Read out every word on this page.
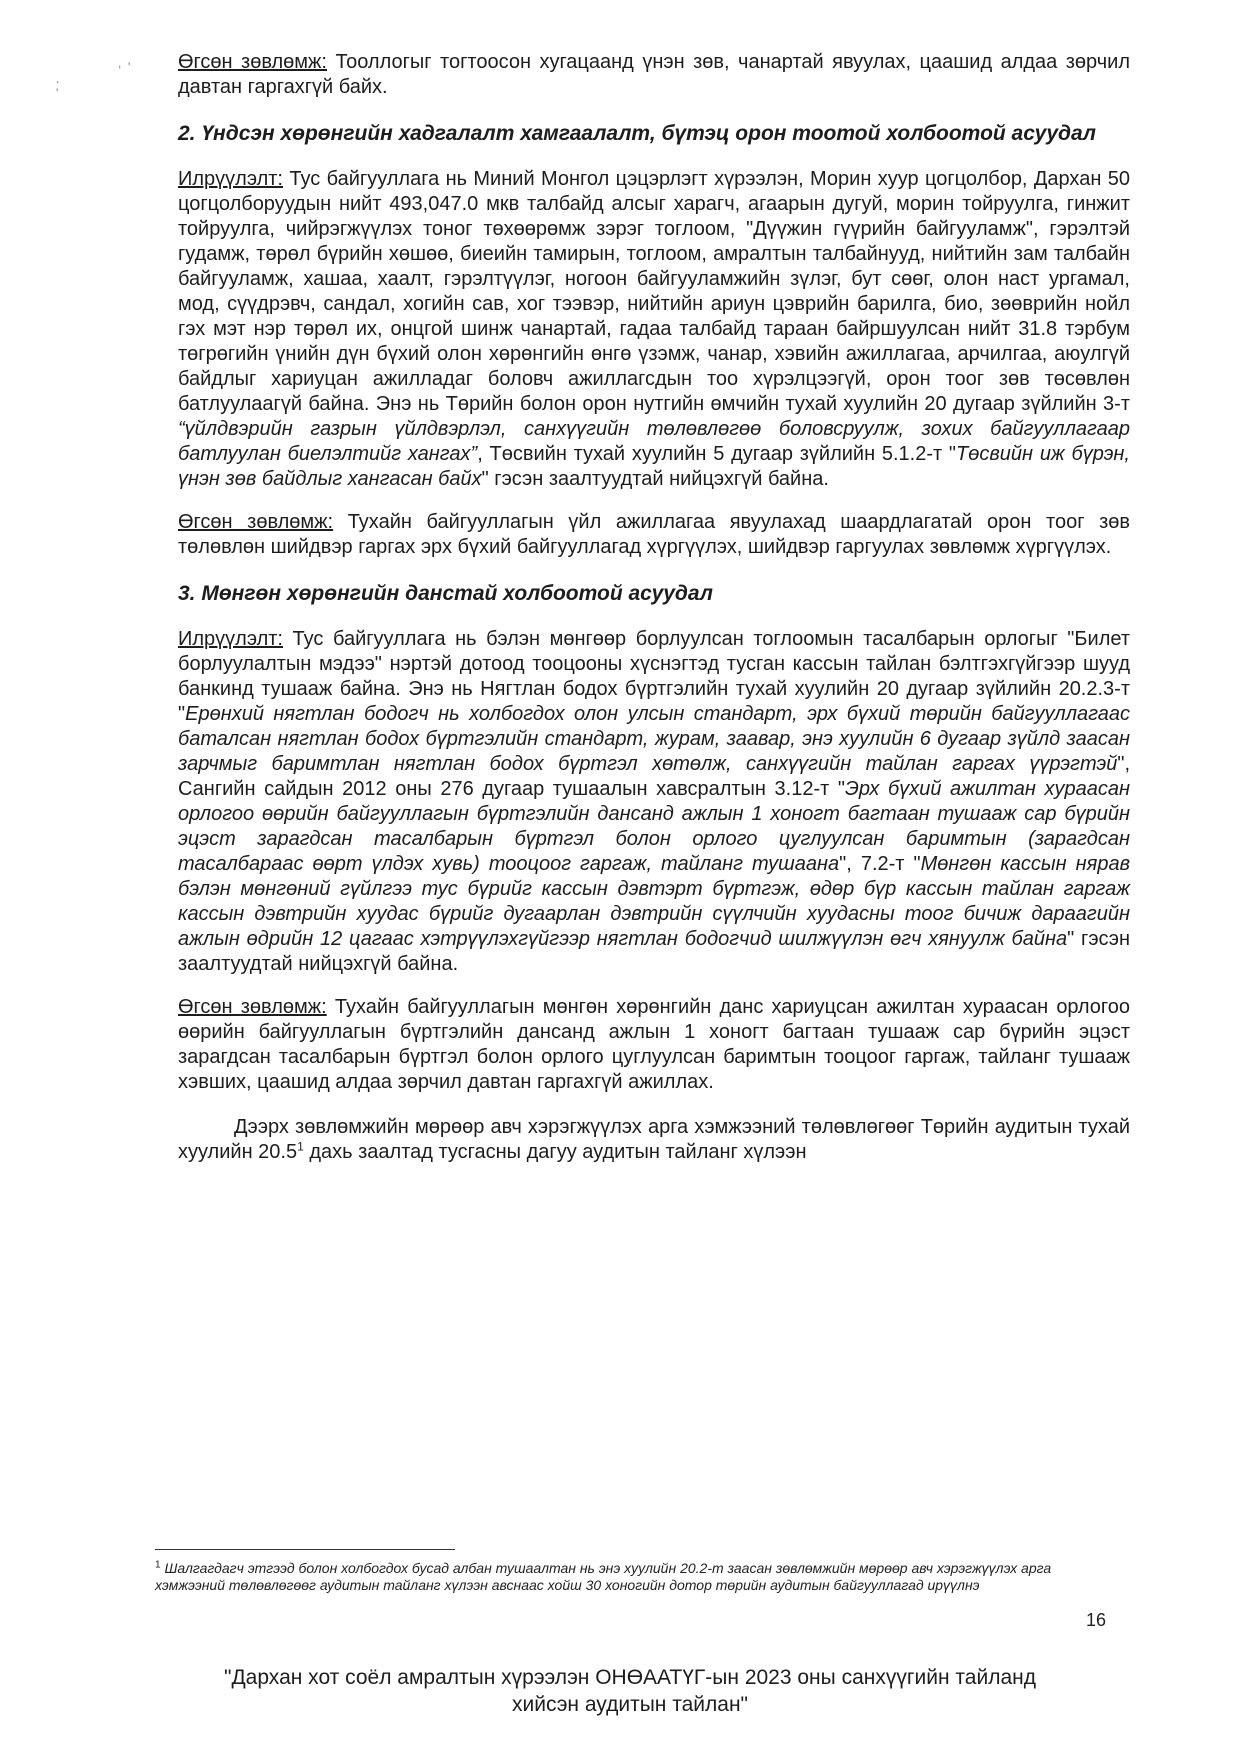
, '
.
'

Өгсөн зөвлөмж: Тооллогыг тогтоосон хугацаанд үнэн зөв, чанартай явуулах, цаашид алдаа зөрчил давтан гаргахгүй байх.

2. Үндсэн хөрөнгийн хадгалалт хамгаалалт, бүтэц орон тоотой холбоотой асуудал

Илрүүлэлт: Тус байгууллага нь Миний Монгол цэцэрлэгт хүрээлэн, Морин хуур цогцолбор, Дархан 50 цогцолборуудын нийт 493,047.0 мкв талбайд алсыг харагч, агаарын дугуй, морин тойруулга, гинжит тойруулга, чийрэгжүүлэх тоног төхөөрөмж зэрэг тоглоом, "Дүүжин гүүрийн байгууламж", гэрэлтэй гудамж, төрөл бүрийн хөшөө, биеийн тамирын, тоглоом, амралтын талбайнууд, нийтийн зам талбайн байгууламж, хашаа, хаалт, гэрэлтүүлэг, ногоон байгууламжийн зүлэг, бут сөөг, олон наст ургамал, мод, сүүдрэвч, сандал, хогийн сав, хог тээвэр, нийтийн ариун цэврийн барилга, био, зөөврийн нойл гэх мэт нэр төрөл их, онцгой шинж чанартай, гадаа талбайд тараан байршуулсан нийт 31.8 тэрбум төгрөгийн үнийн дүн бүхий олон хөрөнгийн өнгө үзэмж, чанар, хэвийн ажиллагаа, арчилгаа, аюулгүй байдлыг хариуцан ажилладаг боловч ажиллагсдын тоо хүрэлцээгүй, орон тоог зөв төсөвлөн батлуулаагүй байна. Энэ нь Төрийн болон орон нутгийн өмчийн тухай хуулийн 20 дугаар зүйлийн 3-т “үйлдвэрийн газрын үйлдвэрлэл, санхүүгийн төлөвлөгөө боловсруулж, зохих байгууллагаар батлуулан биелэлтийг хангах”, Төсвийн тухай хуулийн 5 дугаар зүйлийн 5.1.2-т "Төсвийн иж бүрэн, үнэн зөв байдлыг хангасан байх" гэсэн заалтуудтай нийцэхгүй байна.

Өгсөн зөвлөмж: Тухайн байгууллагын үйл ажиллагаа явуулахад шаардлагатай орон тоог зөв төлөвлөн шийдвэр гаргах эрх бүхий байгууллагад хүргүүлэх, шийдвэр гаргуулах зөвлөмж хүргүүлэх.

3. Мөнгөн хөрөнгийн данстай холбоотой асуудал

Илрүүлэлт: Тус байгууллага нь бэлэн мөнгөөр борлуулсан тоглоомын тасалбарын орлогыг "Билет борлуулалтын мэдээ" нэртэй дотоод тооцооны хүснэгтэд тусган кассын тайлан бэлтгэхгүйгээр шууд банкинд тушааж байна. Энэ нь Нягтлан бодох бүртгэлийн тухай хуулийн 20 дугаар зүйлийн 20.2.3-т "Ерөнхий нягтлан бодогч нь холбогдох олон улсын стандарт, эрх бүхий төрийн байгууллагаас баталсан нягтлан бодох бүртгэлийн стандарт, журам, заавар, энэ хуулийн 6 дугаар зүйлд заасан зарчмыг баримтлан нягтлан бодох бүртгэл хөтөлж, санхүүгийн тайлан гаргах үүрэгтэй", Сангийн сайдын 2012 оны 276 дугаар тушаалын хавсралтын 3.12-т "Эрх бүхий ажилтан хураасан орлогоо өөрийн байгууллагын бүртгэлийн дансанд ажлын 1 хоногт багтаан тушааж сар бүрийн эцэст зарагдсан тасалбарын бүртгэл болон орлого цуглуулсан баримтын (зарагдсан тасалбараас өөрт үлдэх хувь) тооцоог гаргаж, тайланг тушаана", 7.2-т "Мөнгөн кассын нярав бэлэн мөнгөний гүйлгээ тус бүрийг кассын дэвтэрт бүртгэж, өдөр бүр кассын тайлан гаргаж кассын дэвтрийн хуудас бүрийг дугаарлан дэвтрийн сүүлчийн хуудасны тоог бичиж дараагийн ажлын өдрийн 12 цагаас хэтрүүлэхгүйгээр нягтлан бодогчид шилжүүлэн өгч хянуулж байна" гэсэн заалтуудтай нийцэхгүй байна.

Өгсөн зөвлөмж: Тухайн байгууллагын мөнгөн хөрөнгийн данс хариуцсан ажилтан хураасан орлогоо өөрийн байгууллагын бүртгэлийн дансанд ажлын 1 хоногт багтаан тушааж сар бүрийн эцэст зарагдсан тасалбарын бүртгэл болон орлого цуглуулсан баримтын тооцоог гаргаж, тайланг тушааж хэвших, цаашид алдаа зөрчил давтан гаргахгүй ажиллах.

Дээрх зөвлөмжийн мөрөөр авч хэрэгжүүлэх арга хэмжээний төлөвлөгөөг Төрийн аудитын тухай хуулийн 20.5$^1$ дахь заалтад тусгасны дагуу аудитын тайланг хүлээн

$^1$ Шалгагдагч этгээд болон холбогдох бусад албан тушаалтан нь энэ хуулийн 20.2-т заасан зөвлөмжийн мөрөөр авч хэрэгжүүлэх арга хэмжээний төлөвлөгөөг аудитын тайланг хүлээн авснаас хойш 30 хоногийн дотор төрийн аудитын байгууллагад ирүүлнэ
16
"Дархан хот соёл амралтын хүрээлэн ОНӨААТҮГ-ын 2023 оны санхүүгийн тайланд
хийсэн аудитын тайлан"
